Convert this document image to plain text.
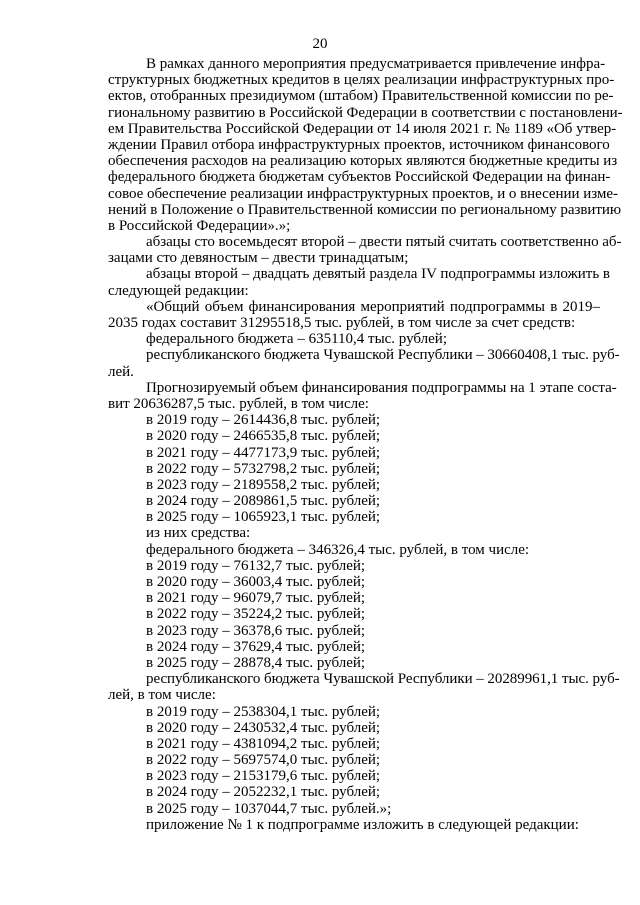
20
В рамках данного мероприятия предусматривается привлечение инфра-
структурных бюджетных кредитов в целях реализации инфраструктурных про-
ектов, отобранных президиумом (штабом) Правительственной комиссии по ре-
гиональному развитию в Российской Федерации в соответствии с постановлени-
ем Правительства Российской Федерации от 14 июля 2021 г. № 1189 «Об утвер-
ждении Правил отбора инфраструктурных проектов, источником финансового
обеспечения расходов на реализацию которых являются бюджетные кредиты из
федерального бюджета бюджетам субъектов Российской Федерации на финан-
совое обеспечение реализации инфраструктурных проектов, и о внесении изме-
нений в Положение о Правительственной комиссии по региональному развитию
в Российской Федерации».»;
абзацы сто восемьдесят второй – двести пятый считать соответственно аб-
зацами сто девяностым – двести тринадцатым;
абзацы второй – двадцать девятый раздела IV подпрограммы изложить в
следующей редакции:
«Общий объем финансирования мероприятий подпрограммы в 2019–
2035 годах составит 31295518,5 тыс. рублей, в том числе за счет средств:
федерального бюджета – 635110,4 тыс. рублей;
республиканского бюджета Чувашской Республики – 30660408,1 тыс. руб-
лей.
Прогнозируемый объем финансирования подпрограммы на 1 этапе соста-
вит 20636287,5 тыс. рублей, в том числе:
в 2019 году – 2614436,8 тыс. рублей;
в 2020 году – 2466535,8 тыс. рублей;
в 2021 году – 4477173,9 тыс. рублей;
в 2022 году – 5732798,2 тыс. рублей;
в 2023 году – 2189558,2 тыс. рублей;
в 2024 году – 2089861,5 тыс. рублей;
в 2025 году – 1065923,1 тыс. рублей;
из них средства:
федерального бюджета – 346326,4 тыс. рублей, в том числе:
в 2019 году – 76132,7 тыс. рублей;
в 2020 году – 36003,4 тыс. рублей;
в 2021 году – 96079,7 тыс. рублей;
в 2022 году – 35224,2 тыс. рублей;
в 2023 году – 36378,6 тыс. рублей;
в 2024 году – 37629,4 тыс. рублей;
в 2025 году – 28878,4 тыс. рублей;
республиканского бюджета Чувашской Республики – 20289961,1 тыс. руб-
лей, в том числе:
в 2019 году – 2538304,1 тыс. рублей;
в 2020 году – 2430532,4 тыс. рублей;
в 2021 году – 4381094,2 тыс. рублей;
в 2022 году – 5697574,0 тыс. рублей;
в 2023 году – 2153179,6 тыс. рублей;
в 2024 году – 2052232,1 тыс. рублей;
в 2025 году – 1037044,7 тыс. рублей.»;
приложение № 1 к подпрограмме изложить в следующей редакции:
